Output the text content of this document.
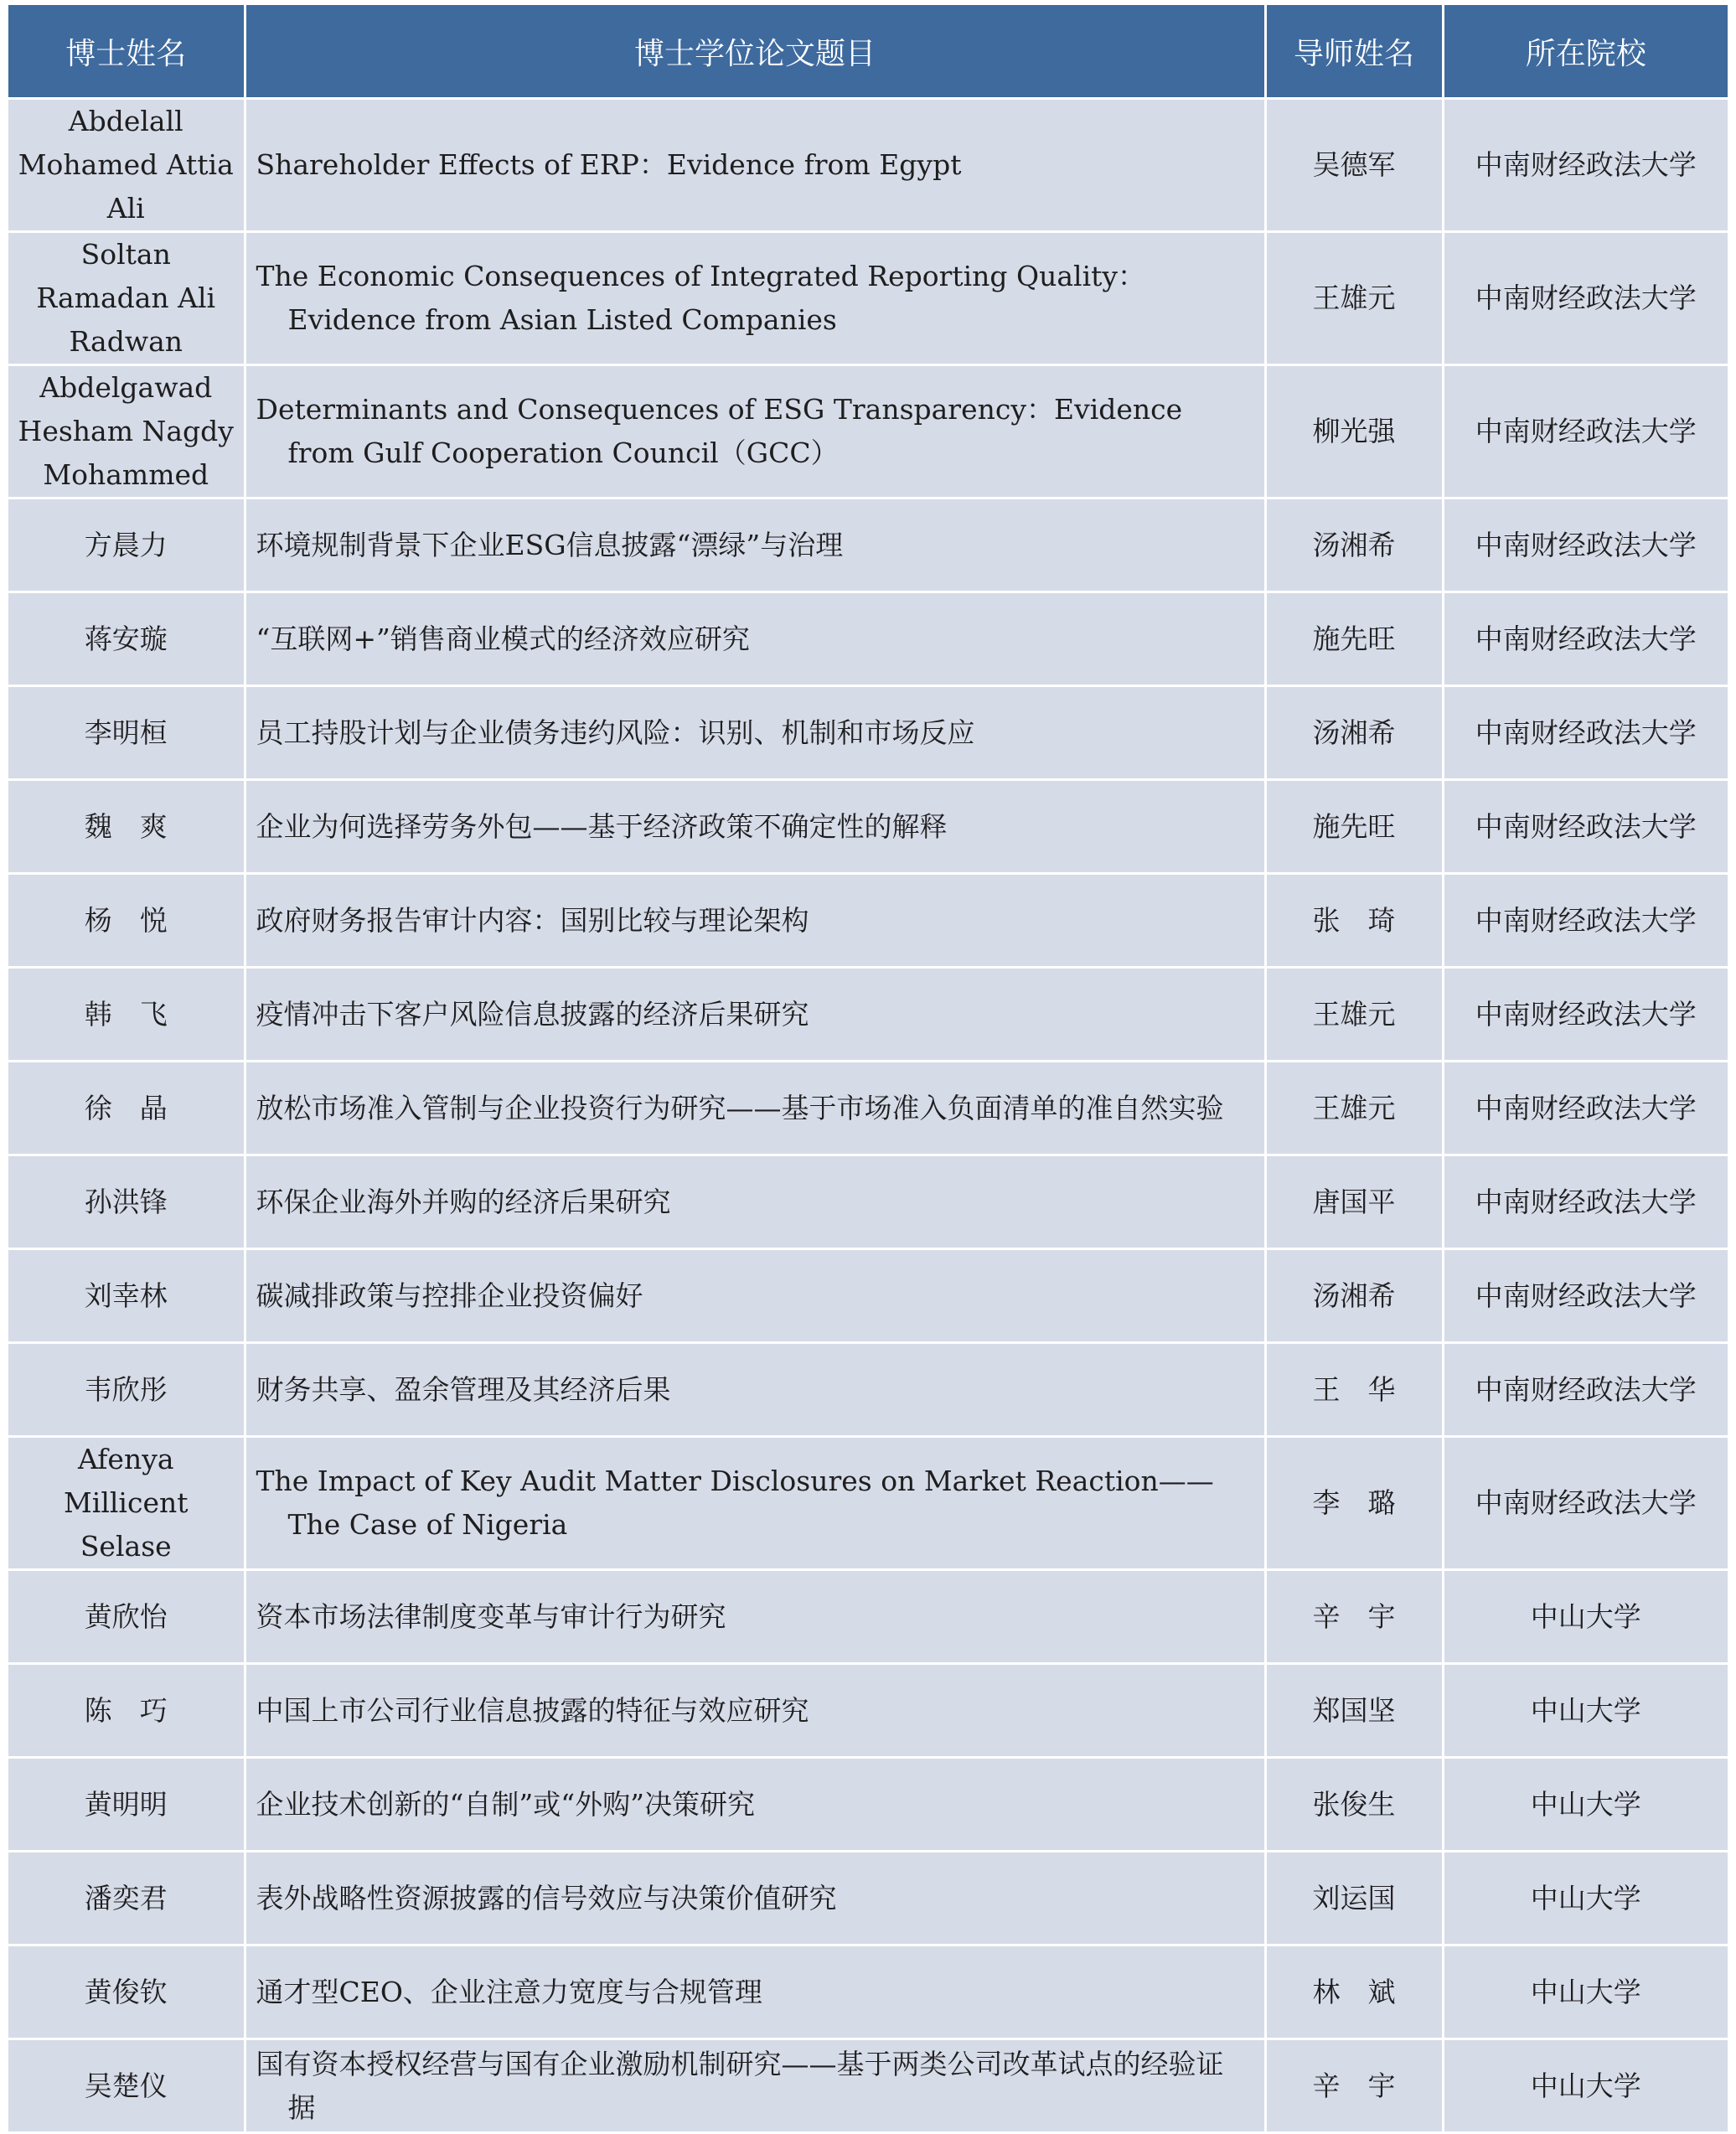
博士姓名	博士学位论文题目	导师姓名	所在院校
Abdelall Mohamed Attia Ali	Shareholder Effects of ERP：Evidence from Egypt	吴德军	中南财经政法大学
Soltan Ramadan Ali Radwan	The Economic Consequences of Integrated Reporting Quality：Evidence from Asian Listed Companies	王雄元	中南财经政法大学
Abdelgawad Hesham Nagdy Mohammed	Determinants and Consequences of ESG Transparency：Evidence from Gulf Cooperation Council（GCC）	柳光强	中南财经政法大学
方晨力	环境规制背景下企业ESG信息披露“漂绿”与治理	汤湘希	中南财经政法大学
蒋安璇	“互联网+”销售商业模式的经济效应研究	施先旺	中南财经政法大学
李明桓	员工持股计划与企业债务违约风险：识别、机制和市场反应	汤湘希	中南财经政法大学
魏　爽	企业为何选择劳务外包——基于经济政策不确定性的解释	施先旺	中南财经政法大学
杨　悦	政府财务报告审计内容：国别比较与理论架构	张　琦	中南财经政法大学
韩　飞	疫情冲击下客户风险信息披露的经济后果研究	王雄元	中南财经政法大学
徐　晶	放松市场准入管制与企业投资行为研究——基于市场准入负面清单的准自然实验	王雄元	中南财经政法大学
孙洪锋	环保企业海外并购的经济后果研究	唐国平	中南财经政法大学
刘幸林	碳减排政策与控排企业投资偏好	汤湘希	中南财经政法大学
韦欣彤	财务共享、盈余管理及其经济后果	王　华	中南财经政法大学
Afenya Millicent Selase	The Impact of Key Audit Matter Disclosures on Market Reaction——The Case of Nigeria	李　璐	中南财经政法大学
黄欣怡	资本市场法律制度变革与审计行为研究	辛　宇	中山大学
陈　巧	中国上市公司行业信息披露的特征与效应研究	郑国坚	中山大学
黄明明	企业技术创新的“自制”或“外购”决策研究	张俊生	中山大学
潘奕君	表外战略性资源披露的信号效应与决策价值研究	刘运国	中山大学
黄俊钦	通才型CEO、企业注意力宽度与合规管理	林　斌	中山大学
吴楚仪	国有资本授权经营与国有企业激励机制研究——基于两类公司改革试点的经验证据	辛　宇	中山大学
